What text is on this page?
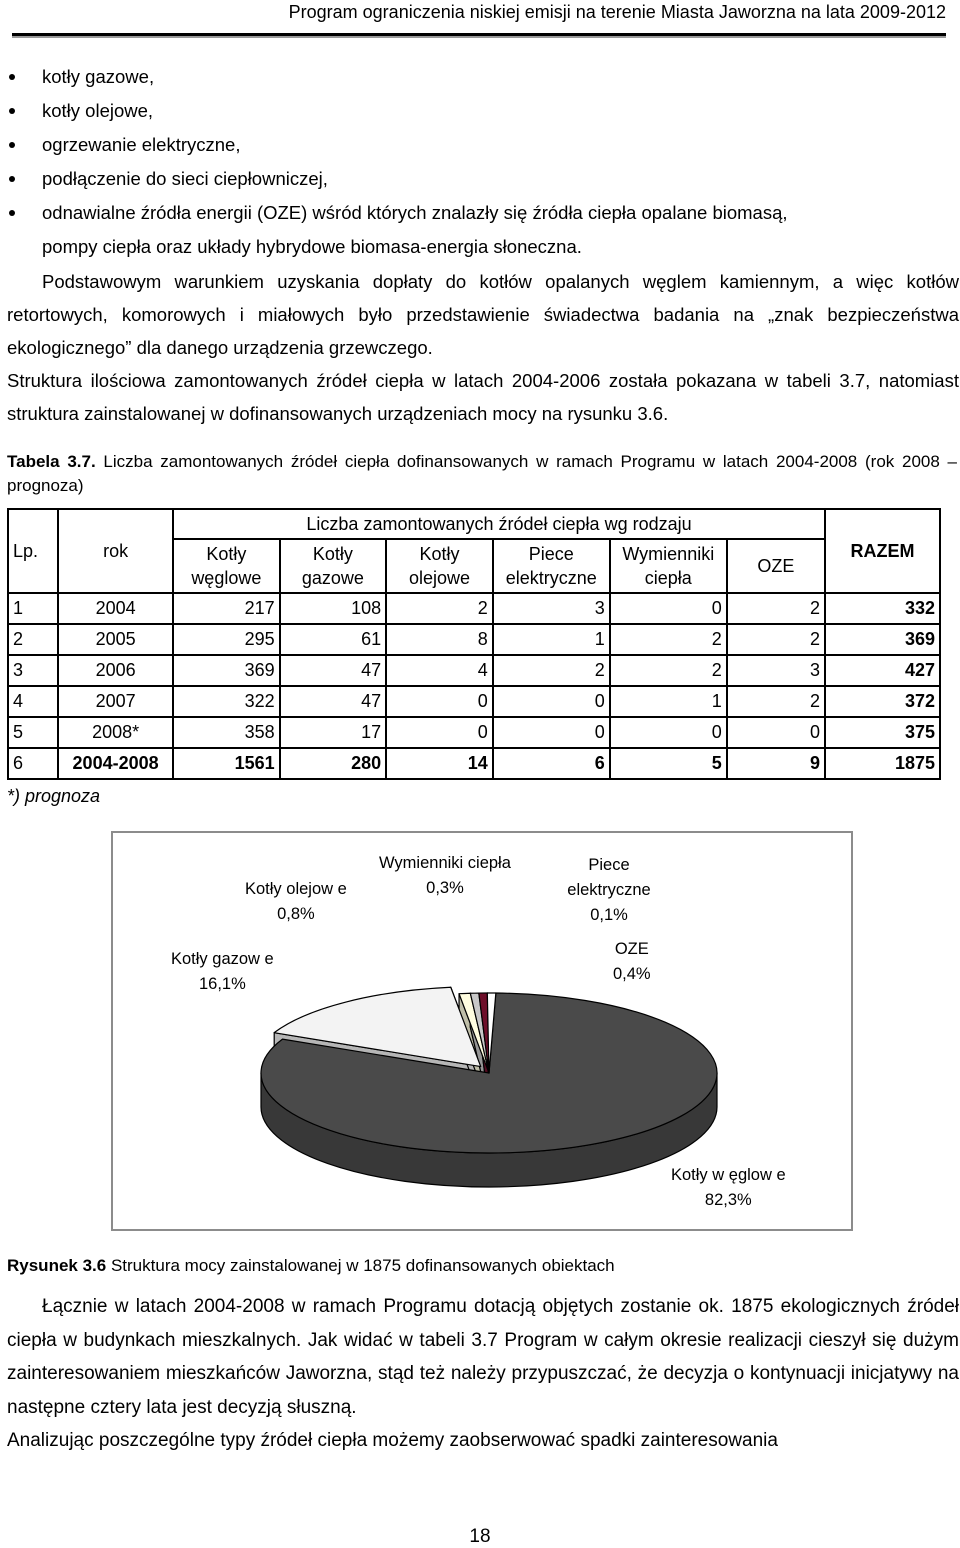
Program ograniczenia niskiej emisji na terenie Miasta Jaworzna na lata 2009-2012
kotły gazowe,
kotły olejowe,
ogrzewanie elektryczne,
podłączenie do sieci ciepłowniczej,
odnawialne źródła energii (OZE) wśród których znalazły się źródła ciepła opalane biomasą,
pompy ciepła oraz układy hybrydowe biomasa-energia słoneczna.

Podstawowym warunkiem uzyskania dopłaty do kotłów opalanych węglem kamiennym, a więc kotłów retortowych, komorowych i miałowych było przedstawienie świadectwa badania na „znak bezpieczeństwa ekologicznego” dla danego urządzenia grzewczego.

Struktura ilościowa zamontowanych źródeł ciepła w latach 2004-2006 została pokazana w tabeli 3.7, natomiast struktura zainstalowanej w dofinansowanych urządzeniach mocy na rysunku 3.6.

Tabela 3.7. Liczba zamontowanych źródeł ciepła dofinansowanych w ramach Programu w latach 2004-2008 (rok 2008 – prognoza)
Lp.	rok	Liczba zamontowanych źródeł ciepła wg rodzaju						RAZEM
		Kotły węglowe	Kotły gazowe	Kotły olejowe	Piece elektryczne	Wymienniki ciepła	OZE	
1	2004	217	108	2	3	0	2	332
2	2005	295	61	8	1	2	2	369
3	2006	369	47	4	2	2	3	427
4	2007	322	47	0	0	1	2	372
5	2008*	358	17	0	0	0	0	375
6	2004-2008	1561	280	14	6	5	9	1875
*) prognoza
Kotły olejow e
0,8%
Wymienniki ciepła
0,3%
Piece elektryczne
0,1%
Kotły gazow e
16,1%
OZE
0,4%
Kotły w ęglow e
82,3%
Rysunek 3.6 Struktura mocy zainstalowanej w 1875 dofinansowanych obiektach

Łącznie w latach 2004-2008 w ramach Programu dotacją objętych zostanie ok. 1875 ekologicznych źródeł ciepła w budynkach mieszkalnych. Jak widać w tabeli 3.7 Program w całym okresie realizacji cieszył się dużym zainteresowaniem mieszkańców Jaworzna, stąd też należy przypuszczać, że decyzja o kontynuacji inicjatywy na następne cztery lata jest decyzją słuszną.

Analizując poszczególne typy źródeł ciepła możemy zaobserwować spadki zainteresowania

18
